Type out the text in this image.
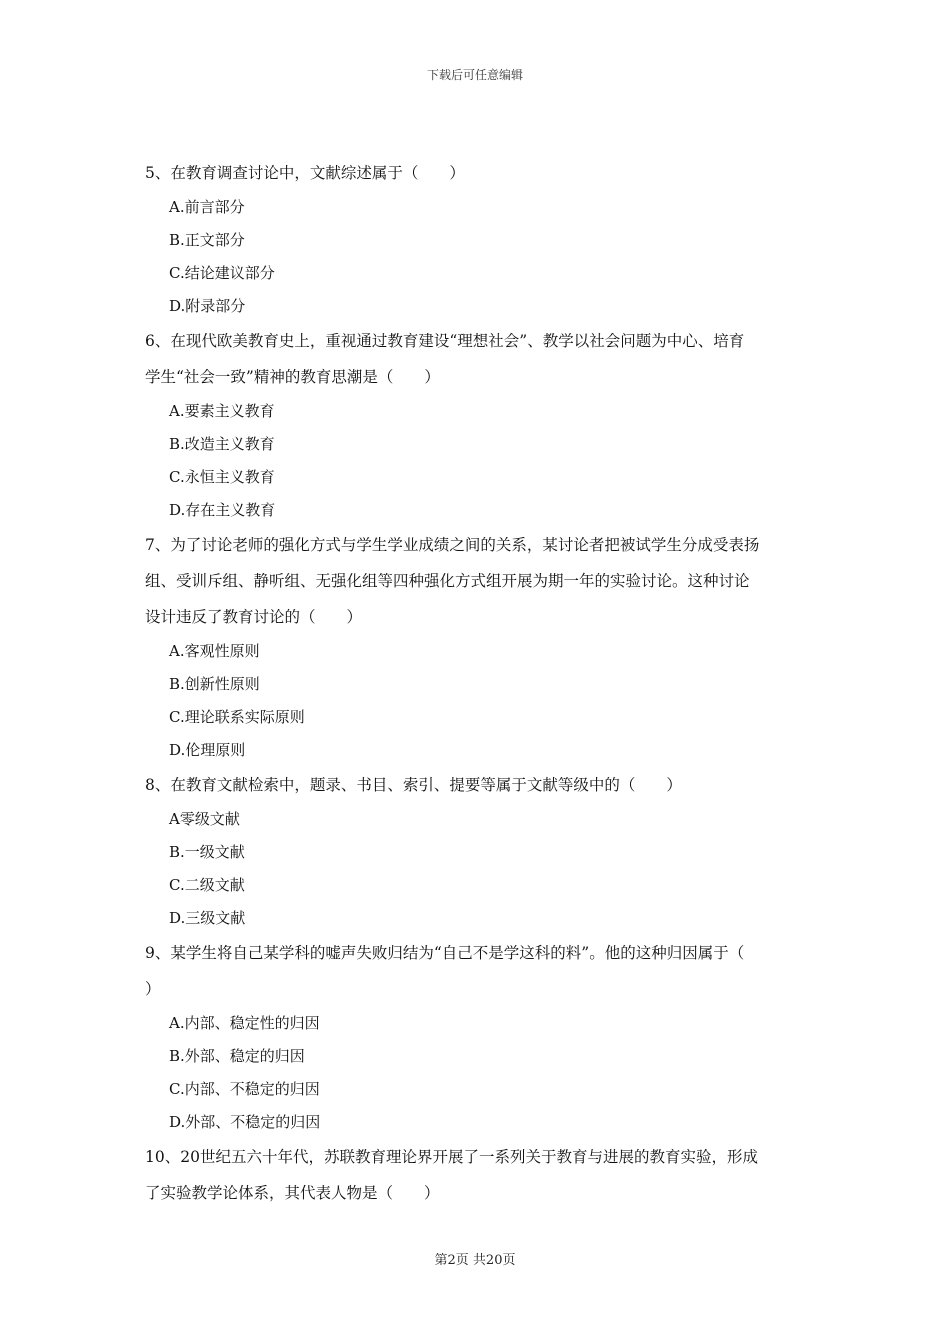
下载后可任意编辑
5、在教育调查讨论中，文献综述属于（　　）
A.前言部分
B.正文部分
C.结论建议部分
D.附录部分
6、在现代欧美教育史上，重视通过教育建设“理想社会”、教学以社会问题为中心、培育
学生“社会一致”精神的教育思潮是（　　）
A.要素主义教育
B.改造主义教育
C.永恒主义教育
D.存在主义教育
7、为了讨论老师的强化方式与学生学业成绩之间的关系，某讨论者把被试学生分成受表扬
组、受训斥组、静听组、无强化组等四种强化方式组开展为期一年的实验讨论。这种讨论
设计违反了教育讨论的（　　）
A.客观性原则
B.创新性原则
C.理论联系实际原则
D.伦理原则
8、在教育文献检索中，题录、书目、索引、提要等属于文献等级中的（　　）
A零级文献
B.一级文献
C.二级文献
D.三级文献
9、某学生将自己某学科的嘘声失败归结为“自己不是学这科的料”。他的这种归因属于（
）
A.内部、稳定性的归因
B.外部、稳定的归因
C.内部、不稳定的归因
D.外部、不稳定的归因
10、20世纪五六十年代，苏联教育理论界开展了一系列关于教育与进展的教育实验，形成
了实验教学论体系，其代表人物是（　　）
第2页 共20页
